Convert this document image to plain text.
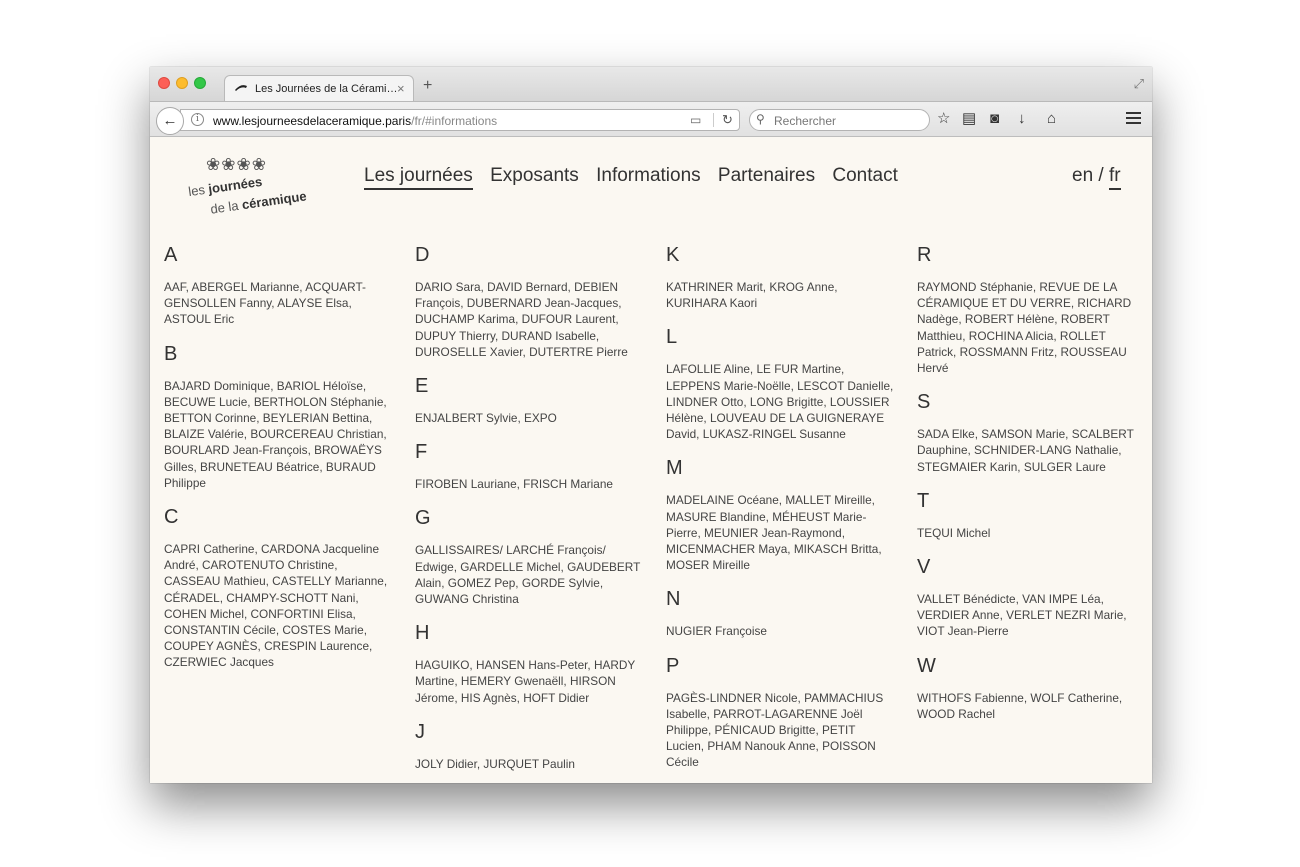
Les Journées de la Cérami… × +	⤢
i	www.lesjourneesdelaceramique.paris/fr/#informations	▭ ↻
←	⚲ Rechercher	☆ ▤ ◙ ↓ ⌂
❀❀❀❀
les journées
de la céramique
Les journées Exposants Informations Partenaires Contact	en / fr
A
AAF, ABERGEL Marianne, ACQUART-GENSOLLEN Fanny, ALAYSE Elsa, ASTOUL Eric
B
BAJARD Dominique, BARIOL Héloïse, BECUWE Lucie, BERTHOLON Stéphanie, BETTON Corinne, BEYLERIAN Bettina, BLAIZE Valérie, BOURCEREAU Christian, BOURLARD Jean-François, BROWAËYS Gilles, BRUNETEAU Béatrice, BURAUD Philippe
C
CAPRI Catherine, CARDONA Jacqueline André, CAROTENUTO Christine, CASSEAU Mathieu, CASTELLY Marianne, CÉRADEL, CHAMPY-SCHOTT Nani, COHEN Michel, CONFORTINI Elisa, CONSTANTIN Cécile, COSTES Marie, COUPEY AGNÈS, CRESPIN Laurence, CZERWIEC Jacques
D
DARIO Sara, DAVID Bernard, DEBIEN François, DUBERNARD Jean-Jacques, DUCHAMP Karima, DUFOUR Laurent, DUPUY Thierry, DURAND Isabelle, DUROSELLE Xavier, DUTERTRE Pierre
E
ENJALBERT Sylvie, EXPO
F
FIROBEN Lauriane, FRISCH Mariane
G
GALLISSAIRES/ LARCHÉ François/ Edwige, GARDELLE Michel, GAUDEBERT Alain, GOMEZ Pep, GORDE Sylvie, GUWANG Christina
H
HAGUIKO, HANSEN Hans-Peter, HARDY Martine, HEMERY Gwenaëll, HIRSON Jérome, HIS Agnès, HOFT Didier
J
JOLY Didier, JURQUET Paulin
K
KATHRINER Marit, KROG Anne, KURIHARA Kaori
L
LAFOLLIE Aline, LE FUR Martine, LEPPENS Marie-Noëlle, LESCOT Danielle, LINDNER Otto, LONG Brigitte, LOUSSIER Hélène, LOUVEAU DE LA GUIGNERAYE David, LUKASZ-RINGEL Susanne
M
MADELAINE Océane, MALLET Mireille, MASURE Blandine, MÉHEUST Marie-Pierre, MEUNIER Jean-Raymond, MICENMACHER Maya, MIKASCH Britta, MOSER Mireille
N
NUGIER Françoise
P
PAGÈS-LINDNER Nicole, PAMMACHIUS Isabelle, PARROT-LAGARENNE Joël Philippe, PÉNICAUD Brigitte, PETIT Lucien, PHAM Nanouk Anne, POISSON Cécile
R
RAYMOND Stéphanie, REVUE DE LA CÉRAMIQUE ET DU VERRE, RICHARD Nadège, ROBERT Hélène, ROBERT Matthieu, ROCHINA Alicia, ROLLET Patrick, ROSSMANN Fritz, ROUSSEAU Hervé
S
SADA Elke, SAMSON Marie, SCALBERT Dauphine, SCHNIDER-LANG Nathalie, STEGMAIER Karin, SULGER Laure
T
TEQUI Michel
V
VALLET Bénédicte, VAN IMPE Léa, VERDIER Anne, VERLET NEZRI Marie, VIOT Jean-Pierre
W
WITHOFS Fabienne, WOLF Catherine, WOOD Rachel
